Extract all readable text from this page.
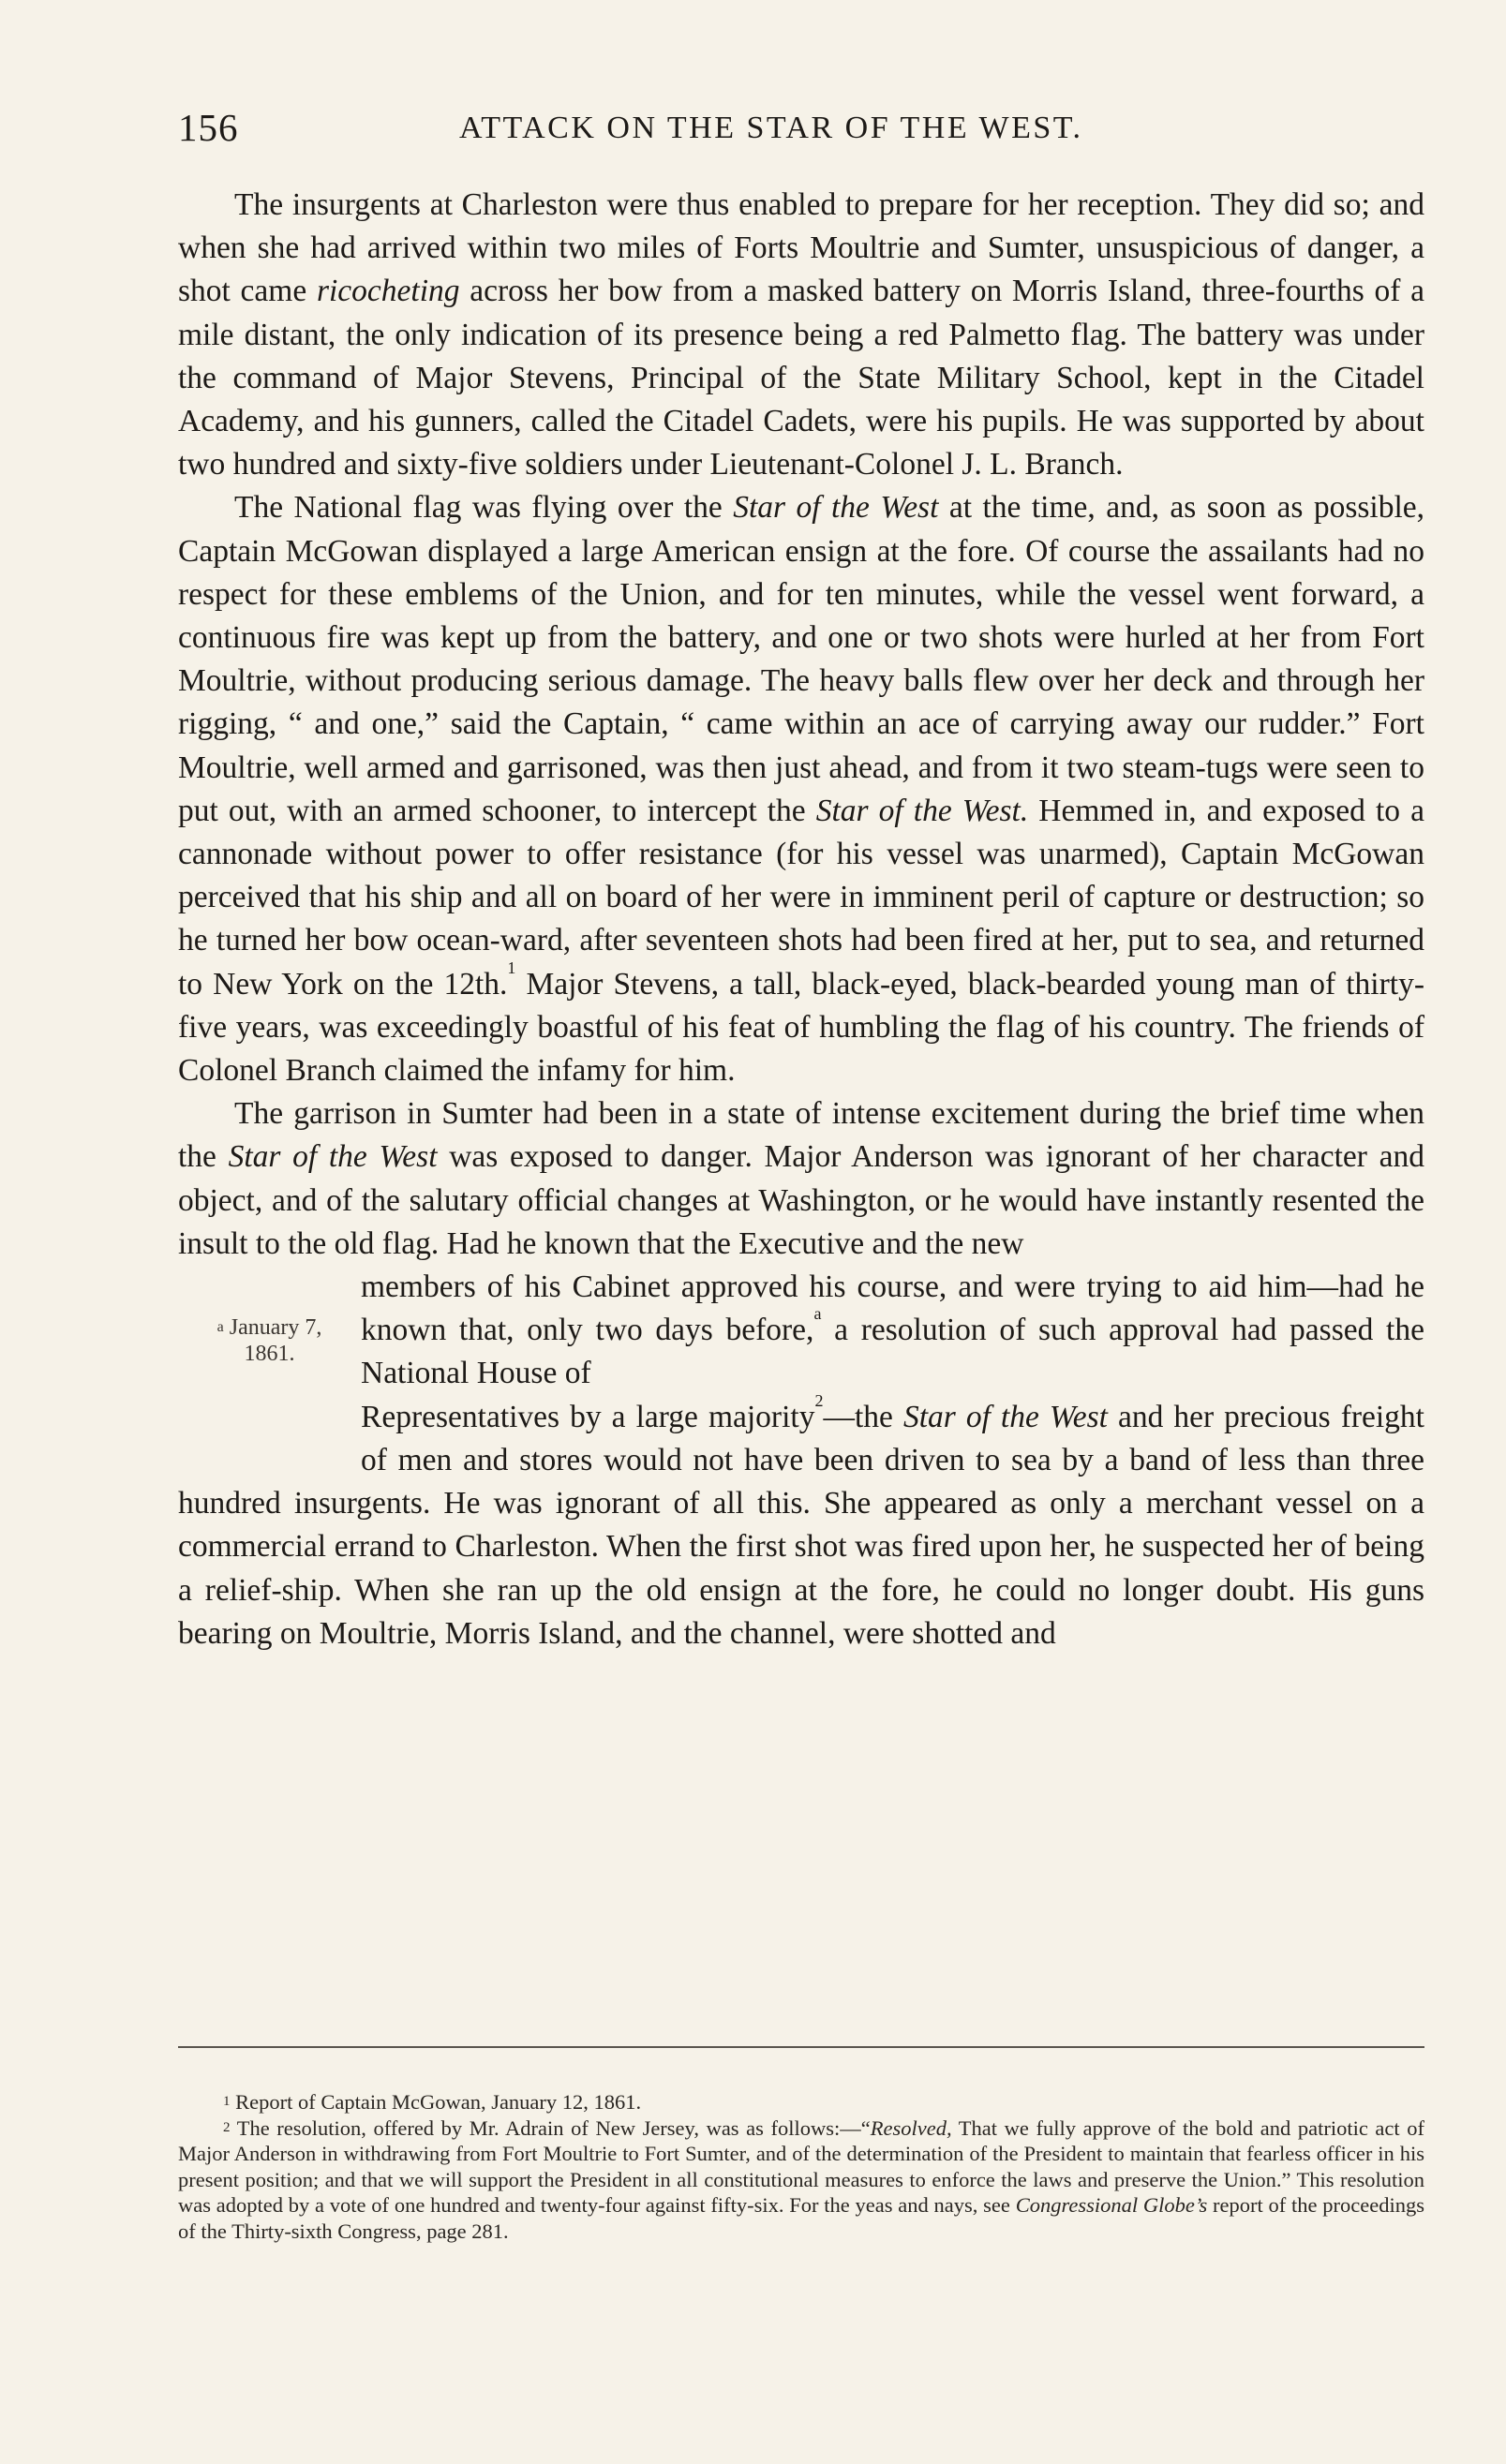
156	ATTACK ON THE STAR OF THE WEST.

The insurgents at Charleston were thus enabled to prepare for her reception. They did so; and when she had arrived within two miles of Forts Moultrie and Sumter, unsuspicious of danger, a shot came ricocheting across her bow from a masked battery on Morris Island, three-fourths of a mile distant, the only indication of its presence being a red Palmetto flag. The battery was under the command of Major Stevens, Principal of the State Military School, kept in the Citadel Academy, and his gunners, called the Citadel Cadets, were his pupils. He was supported by about two hundred and sixty-five soldiers under Lieutenant-Colonel J. L. Branch.

The National flag was flying over the Star of the West at the time, and, as soon as possible, Captain McGowan displayed a large American ensign at the fore. Of course the assailants had no respect for these emblems of the Union, and for ten minutes, while the vessel went forward, a continuous fire was kept up from the battery, and one or two shots were hurled at her from Fort Moultrie, without producing serious damage. The heavy balls flew over her deck and through her rigging, “ and one,” said the Captain, “ came within an ace of carrying away our rudder.” Fort Moultrie, well armed and garrisoned, was then just ahead, and from it two steam-tugs were seen to put out, with an armed schooner, to intercept the Star of the West. Hemmed in, and exposed to a cannonade without power to offer resistance (for his vessel was unarmed), Captain McGowan perceived that his ship and all on board of her were in imminent peril of capture or destruction; so he turned her bow ocean-ward, after seventeen shots had been fired at her, put to sea, and returned to New York on the 12th.$^1$ Major Stevens, a tall, black-eyed, black-bearded young man of thirty-five years, was exceedingly boastful of his feat of humbling the flag of his country. The friends of Colonel Branch claimed the infamy for him.

The garrison in Sumter had been in a state of intense excitement during the brief time when the Star of the West was exposed to danger. Major Anderson was ignorant of her character and object, and of the salutary official changes at Washington, or he would have instantly resented the insult to the old flag. Had he known that the Executive and the new

$^a$ January 7,
1861.

members of his Cabinet approved his course, and were trying to aid him—had he known that, only two days before,$^a$ a resolution of such approval had passed the National House of

Representatives by a large majority$^2$—the Star of the West and her precious freight of men and stores would not have been driven to sea by a band of less than three hundred insurgents. He was ignorant of all this. She appeared as only a merchant vessel on a commercial errand to Charleston. When the first shot was fired upon her, he suspected her of being a relief-ship. When she ran up the old ensign at the fore, he could no longer doubt. His guns bearing on Moultrie, Morris Island, and the channel, were shotted and

$^1$ Report of Captain McGowan, January 12, 1861.

$^2$ The resolution, offered by Mr. Adrain of New Jersey, was as follows:—“Resolved, That we fully approve of the bold and patriotic act of Major Anderson in withdrawing from Fort Moultrie to Fort Sumter, and of the determination of the President to maintain that fearless officer in his present position; and that we will support the President in all constitutional measures to enforce the laws and preserve the Union.” This resolution was adopted by a vote of one hundred and twenty-four against fifty-six. For the yeas and nays, see Congressional Globe’s report of the proceedings of the Thirty-sixth Congress, page 281.
